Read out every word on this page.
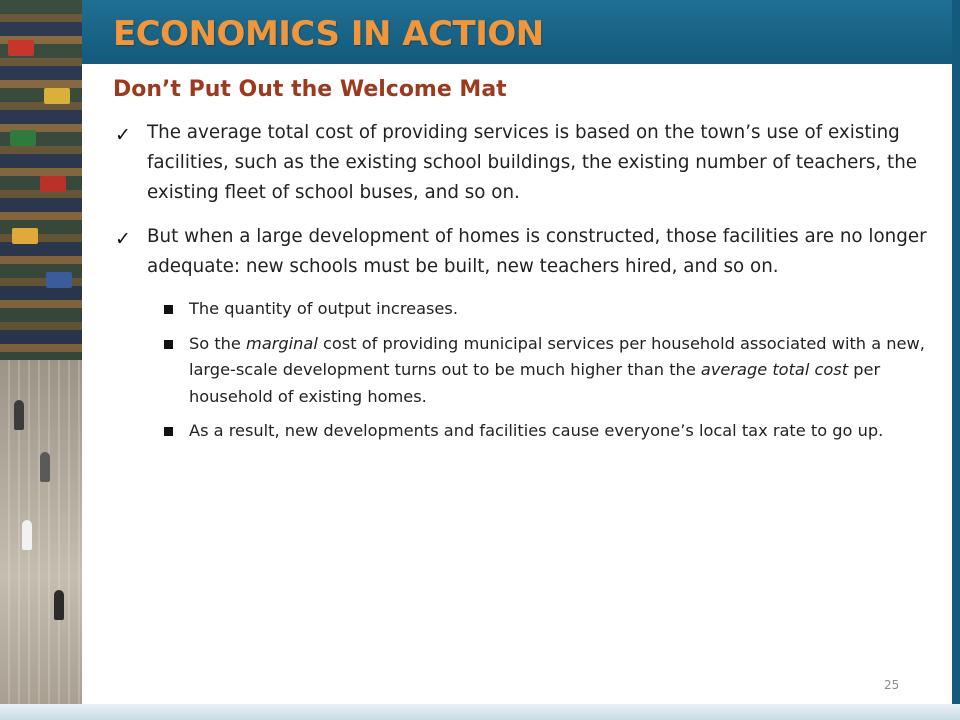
ECONOMICS IN ACTION
Don’t Put Out the Welcome Mat

✓ The average total cost of providing services is based on the town’s use of existing facilities, such as the existing school buildings, the existing number of teachers, the existing fleet of school buses, and so on.

✓ But when a large development of homes is constructed, those facilities are no longer adequate: new schools must be built, new teachers hired, and so on.

The quantity of output increases.

So the marginal cost of providing municipal services per household associated with a new, large-scale development turns out to be much higher than the average total cost per household of existing homes.

As a result, new developments and facilities cause everyone’s local tax rate to go up.

25
